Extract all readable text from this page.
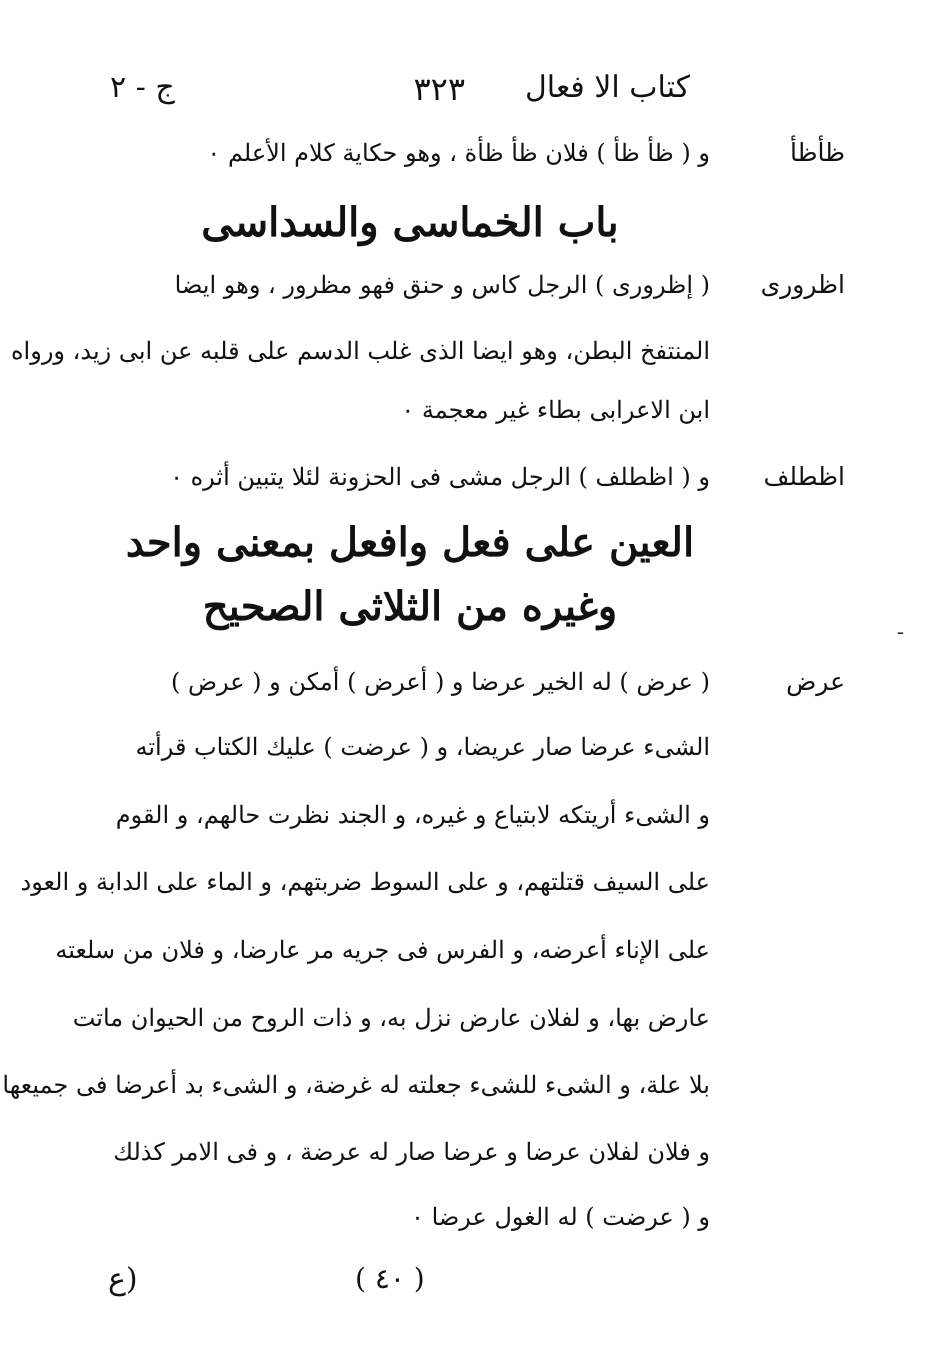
كتاب الا فعال
٣٢٣
ج - ٢
ظأظأ
و ( ظأ ظأ ) فلان ظأ ظأة ، وهو حكاية كلام الأعلم ٠
باب الخماسى والسداسى
اظرورى
( إظرورى ) الرجل كاس و حنق فهو مظرور ، وهو ايضا
المنتفخ البطن، وهو ايضا الذى غلب الدسم على قلبه عن ابى زيد، ورواه
ابن الاعرابى بطاء غير معجمة ٠
اظطلف
و ( اظطلف ) الرجل مشى فى الحزونة لئلا يتبين أثره ٠
العين على فعل وافعل بمعنى واحد
وغيره من الثلاثى الصحيح	ـ
عرض
( عرض ) له الخير عرضا و ( أعرض ) أمكن و ( عرض )
الشىء عرضا صار عريضا، و ( عرضت ) عليك الكتاب قرأته
و الشىء أريتكه لابتياع و غيره، و الجند نظرت حالهم، و القوم
على السيف قتلتهم، و على السوط ضربتهم، و الماء على الدابة و العود
على الإناء أعرضه، و الفرس فى جريه مر عارضا، و فلان من سلعته
عارض بها، و لفلان عارض نزل به، و ذات الروح من الحيوان ماتت
بلا علة، و الشىء للشىء جعلته له غرضة، و الشىء بد أعرضا فى جميعها
و فلان لفلان عرضا و عرضا صار له عرضة ، و فى الامر كذلك
و ( عرضت ) له الغول عرضا ٠
( ٤٠ )
(ع
